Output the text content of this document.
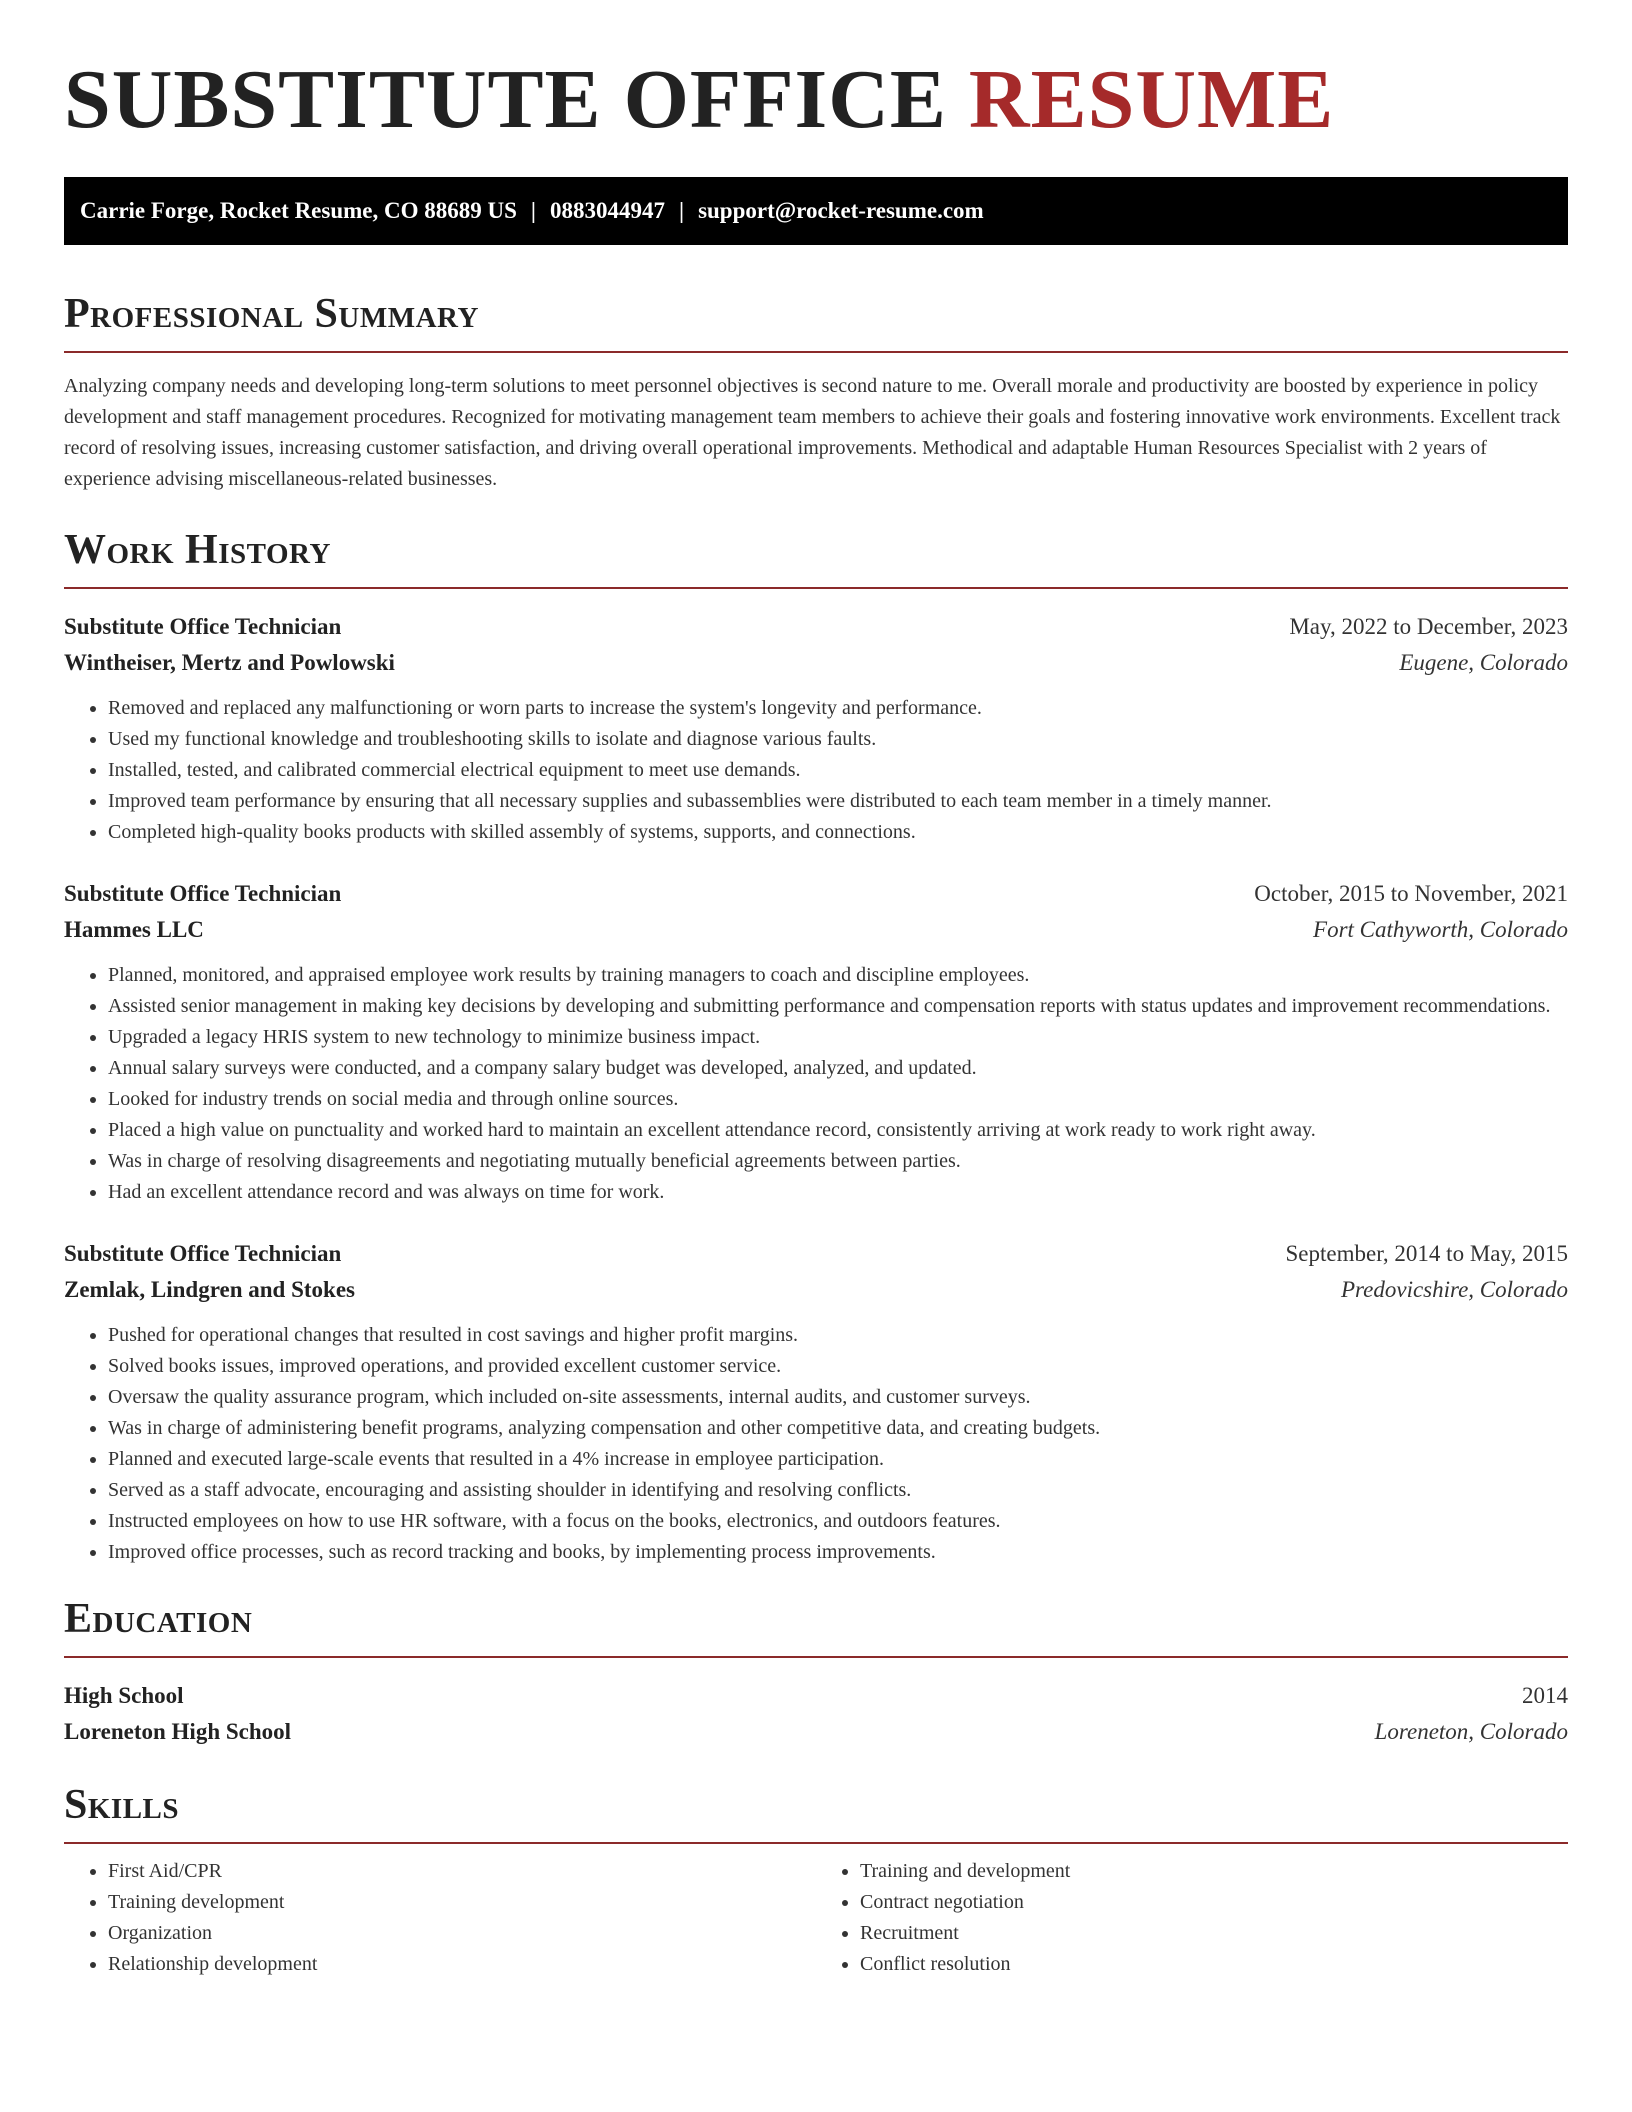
SUBSTITUTE OFFICE RESUME
Carrie Forge, Rocket Resume, CO 88689 US | 0883044947 | support@rocket-resume.com
Professional Summary

Analyzing company needs and developing long-term solutions to meet personnel objectives is second nature to me. Overall morale and productivity are boosted by experience in policy development and staff management procedures. Recognized for motivating management team members to achieve their goals and fostering innovative work environments. Excellent track record of resolving issues, increasing customer satisfaction, and driving overall operational improvements. Methodical and adaptable Human Resources Specialist with 2 years of experience advising miscellaneous-related businesses.

Work History
Substitute Office Technician	May, 2022 to December, 2023
Wintheiser, Mertz and Powlowski	Eugene, Colorado
• Removed and replaced any malfunctioning or worn parts to increase the system's longevity and performance.
• Used my functional knowledge and troubleshooting skills to isolate and diagnose various faults.
• Installed, tested, and calibrated commercial electrical equipment to meet use demands.
• Improved team performance by ensuring that all necessary supplies and subassemblies were distributed to each team member in a timely manner.
• Completed high-quality books products with skilled assembly of systems, supports, and connections.
Substitute Office Technician	October, 2015 to November, 2021
Hammes LLC	Fort Cathyworth, Colorado
• Planned, monitored, and appraised employee work results by training managers to coach and discipline employees.
• Assisted senior management in making key decisions by developing and submitting performance and compensation reports with status updates and improvement recommendations.
• Upgraded a legacy HRIS system to new technology to minimize business impact.
• Annual salary surveys were conducted, and a company salary budget was developed, analyzed, and updated.
• Looked for industry trends on social media and through online sources.
• Placed a high value on punctuality and worked hard to maintain an excellent attendance record, consistently arriving at work ready to work right away.
• Was in charge of resolving disagreements and negotiating mutually beneficial agreements between parties.
• Had an excellent attendance record and was always on time for work.
Substitute Office Technician	September, 2014 to May, 2015
Zemlak, Lindgren and Stokes	Predovicshire, Colorado
• Pushed for operational changes that resulted in cost savings and higher profit margins.
• Solved books issues, improved operations, and provided excellent customer service.
• Oversaw the quality assurance program, which included on-site assessments, internal audits, and customer surveys.
• Was in charge of administering benefit programs, analyzing compensation and other competitive data, and creating budgets.
• Planned and executed large-scale events that resulted in a 4% increase in employee participation.
• Served as a staff advocate, encouraging and assisting shoulder in identifying and resolving conflicts.
• Instructed employees on how to use HR software, with a focus on the books, electronics, and outdoors features.
• Improved office processes, such as record tracking and books, by implementing process improvements.
Education
High School	2014
Loreneton High School	Loreneton, Colorado
Skills
• First Aid/CPR
• Training development
• Organization
• Relationship development
• Training and development
• Contract negotiation
• Recruitment
• Conflict resolution
